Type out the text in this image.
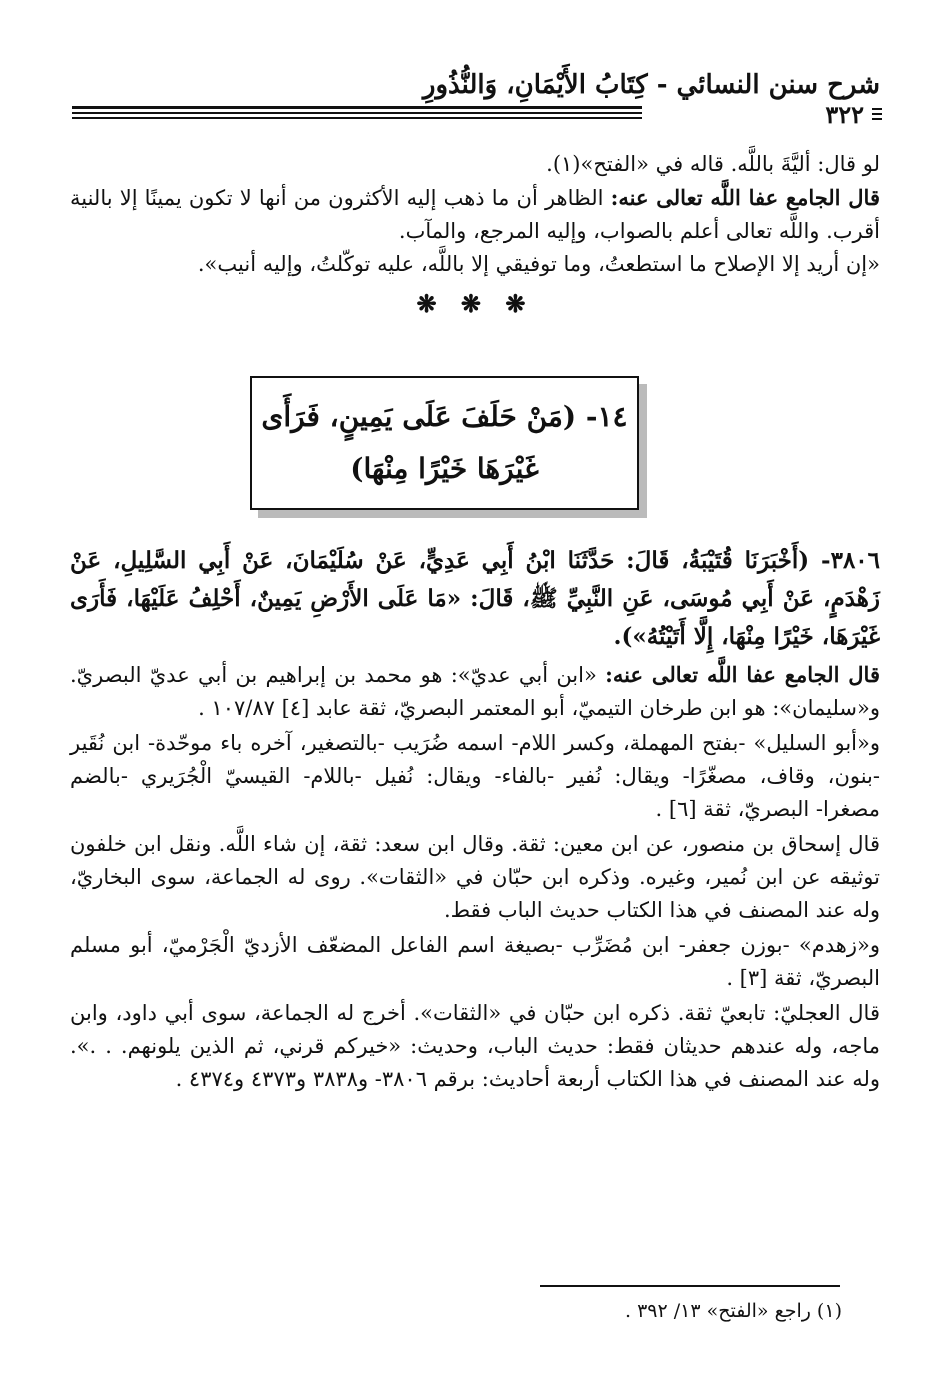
شرح سنن النسائي - كِتَابُ الأَيْمَانِ، وَالنُّذُورِ
٣٢٢

لو قال: أليَّةَ باللَّه. قاله في «الفتح»(١).

قال الجامع عفا اللَّه تعالى عنه: الظاهر أن ما ذهب إليه الأكثرون من أنها لا تكون يمينًا إلا بالنية أقرب. واللَّه تعالى أعلم بالصواب، وإليه المرجع، والمآب.

«إن أريد إلا الإصلاح ما استطعتُ، وما توفيقي إلا باللَّه، عليه توكّلتُ، وإليه أنيب».

❋ ❋ ❋
١٤- (مَنْ حَلَفَ عَلَى يَمِينٍ، فَرَأَى
غَيْرَهَا خَيْرًا مِنْهَا)

٣٨٠٦- (أَخْبَرَنَا قُتَيْبَةُ، قَالَ: حَدَّثَنَا ابْنُ أَبِي عَدِيٍّ، عَنْ سُلَيْمَانَ، عَنْ أَبِي السَّلِيلِ، عَنْ زَهْدَمٍ، عَنْ أَبِي مُوسَى، عَنِ النَّبِيِّ ﷺ، قَالَ: «مَا عَلَى الأَرْضِ يَمِينٌ، أَحْلِفُ عَلَيْهَا، فَأَرَى غَيْرَهَا، خَيْرًا مِنْهَا، إِلَّا أَتَيْتُهُ»).

قال الجامع عفا اللَّه تعالى عنه: «ابن أبي عديّ»: هو محمد بن إبراهيم بن أبي عديّ البصريّ. و«سليمان»: هو ابن طرخان التيميّ، أبو المعتمر البصريّ، ثقة عابد [٤] ١٠٧/٨٧ .

و«أبو السليل» -بفتح المهملة، وكسر اللام- اسمه ضُرَيب -بالتصغير، آخره باء موحّدة- ابن نُقَير -بنون، وقاف، مصغّرًا- ويقال: نُفير -بالفاء- ويقال: نُفيل -باللام- القيسيّ الْجُرَيري -بالضم مصغرا- البصريّ، ثقة [٦] .

قال إسحاق بن منصور، عن ابن معين: ثقة. وقال ابن سعد: ثقة، إن شاء اللَّه. ونقل ابن خلفون توثيقه عن ابن نُمير، وغيره. وذكره ابن حبّان في «الثقات». روى له الجماعة، سوى البخاريّ، وله عند المصنف في هذا الكتاب حديث الباب فقط.

و«زهدم» -بوزن جعفر- ابن مُضَرِّب -بصيغة اسم الفاعل المضعّف الأزديّ الْجَرْميّ، أبو مسلم البصريّ، ثقة [٣] .

قال العجليّ: تابعيّ ثقة. ذكره ابن حبّان في «الثقات». أخرج له الجماعة، سوى أبي داود، وابن ماجه، وله عندهم حديثان فقط: حديث الباب، وحديث: «خيركم قرني، ثم الذين يلونهم. . .». وله عند المصنف في هذا الكتاب أربعة أحاديث: برقم ٣٨٠٦- و٣٨٣٨ و٤٣٧٣ و٤٣٧٤ .

(١) راجع «الفتح» ١٣/ ٣٩٢ .
